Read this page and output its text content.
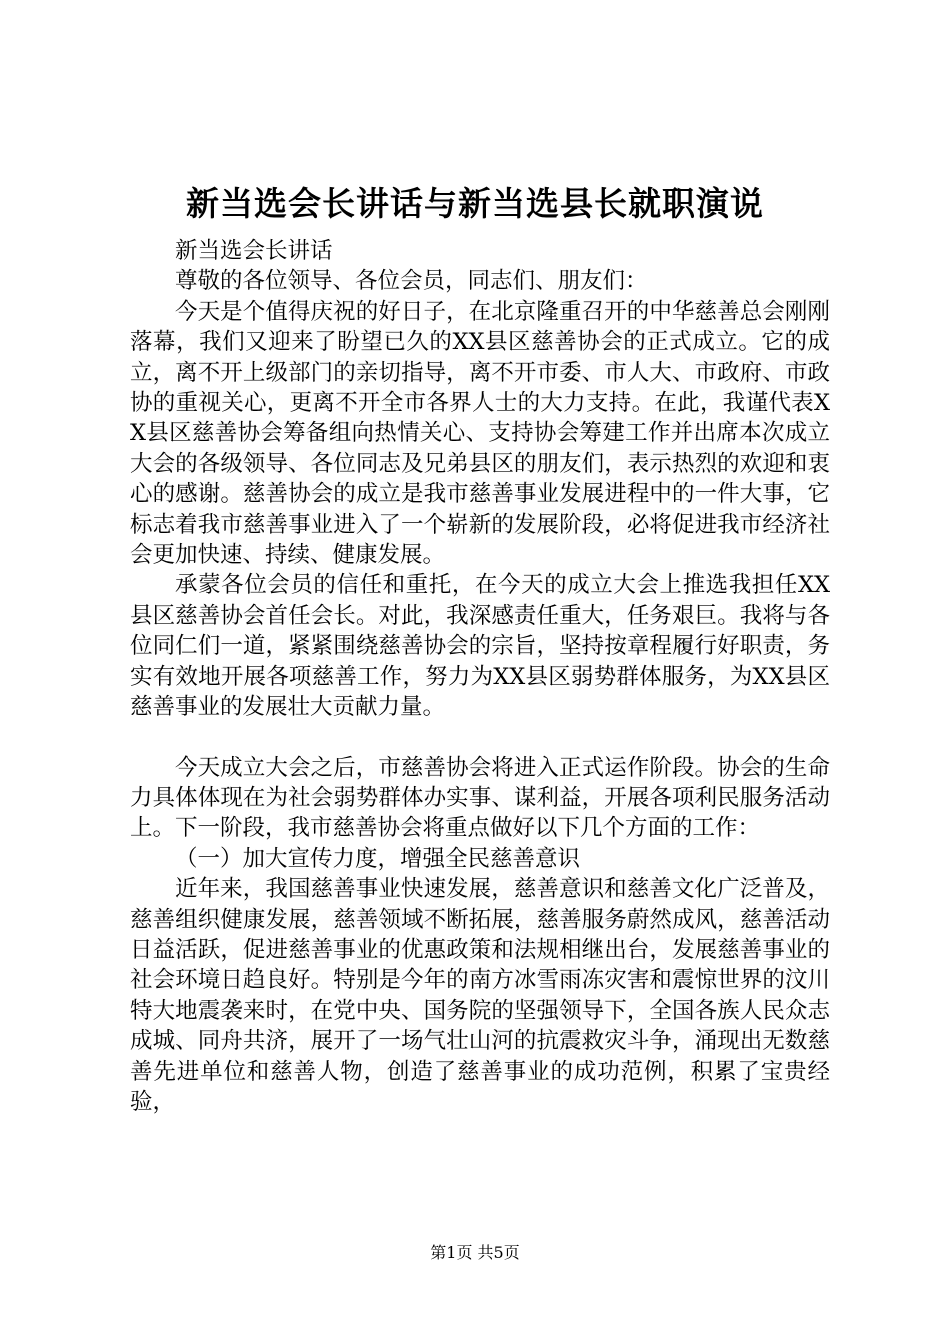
新当选会长讲话与新当选县长就职演说

新当选会长讲话

尊敬的各位领导、各位会员，同志们、朋友们：

今天是个值得庆祝的好日子，在北京隆重召开的中华慈善总会刚刚落幕，我们又迎来了盼望已久的XX县区慈善协会的正式成立。它的成立，离不开上级部门的亲切指导，离不开市委、市人大、市政府、市政协的重视关心，更离不开全市各界人士的大力支持。在此，我谨代表XX县区慈善协会筹备组向热情关心、支持协会筹建工作并出席本次成立大会的各级领导、各位同志及兄弟县区的朋友们，表示热烈的欢迎和衷心的感谢。慈善协会的成立是我市慈善事业发展进程中的一件大事，它标志着我市慈善事业进入了一个崭新的发展阶段，必将促进我市经济社会更加快速、持续、健康发展。

承蒙各位会员的信任和重托，在今天的成立大会上推选我担任XX县区慈善协会首任会长。对此，我深感责任重大，任务艰巨。我将与各位同仁们一道，紧紧围绕慈善协会的宗旨，坚持按章程履行好职责，务实有效地开展各项慈善工作，努力为XX县区弱势群体服务，为XX县区慈善事业的发展壮大贡献力量。

今天成立大会之后，市慈善协会将进入正式运作阶段。协会的生命力具体体现在为社会弱势群体办实事、谋利益，开展各项利民服务活动上。下一阶段，我市慈善协会将重点做好以下几个方面的工作：

（一）加大宣传力度，增强全民慈善意识

近年来，我国慈善事业快速发展，慈善意识和慈善文化广泛普及，慈善组织健康发展，慈善领域不断拓展，慈善服务蔚然成风，慈善活动日益活跃，促进慈善事业的优惠政策和法规相继出台，发展慈善事业的社会环境日趋良好。特别是今年的南方冰雪雨冻灾害和震惊世界的汶川特大地震袭来时，在党中央、国务院的坚强领导下，全国各族人民众志成城、同舟共济，展开了一场气壮山河的抗震救灾斗争，涌现出无数慈善先进单位和慈善人物，创造了慈善事业的成功范例，积累了宝贵经验，

第1页 共5页
